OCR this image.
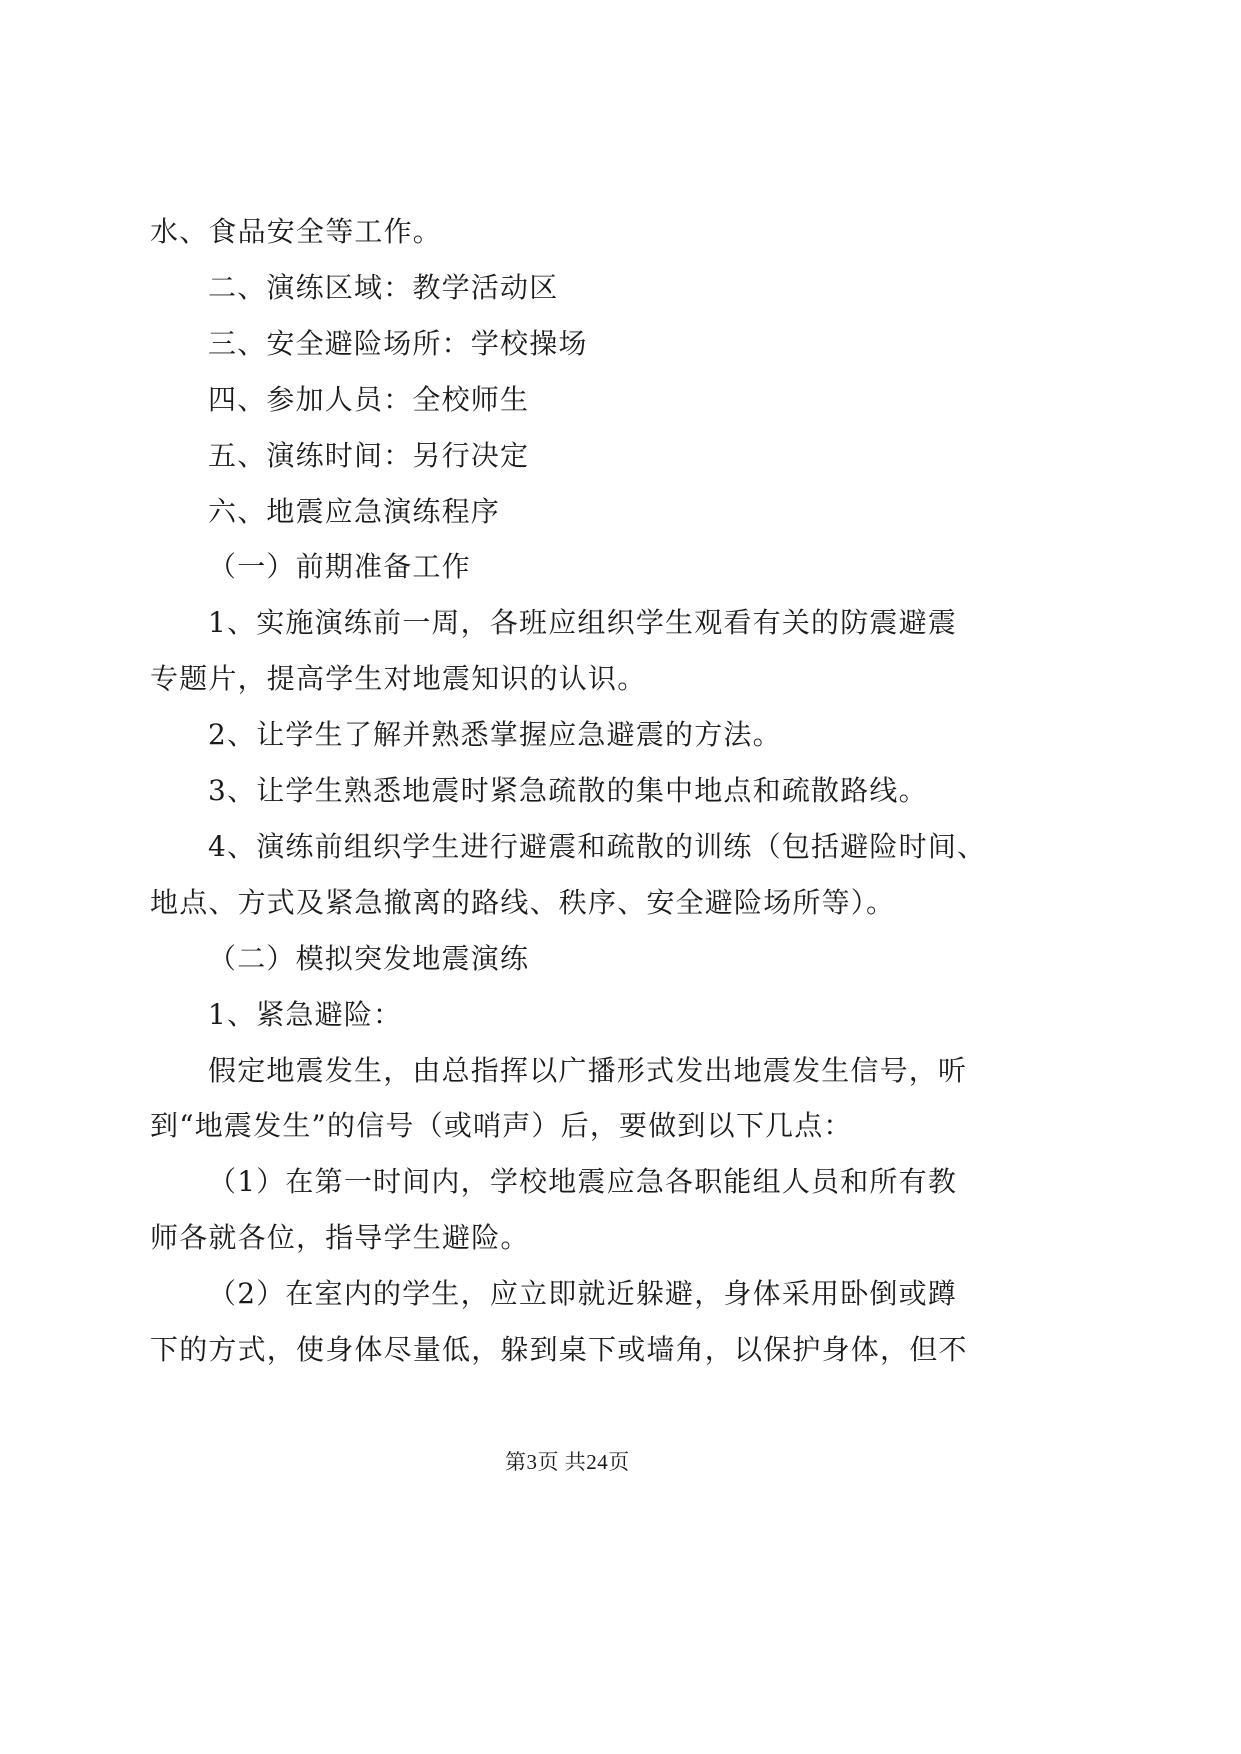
水、食品安全等工作。
二、演练区域：教学活动区
三、安全避险场所：学校操场
四、参加人员：全校师生
五、演练时间：另行决定
六、地震应急演练程序
（一）前期准备工作
1、实施演练前一周，各班应组织学生观看有关的防震避震
专题片，提高学生对地震知识的认识。
2、让学生了解并熟悉掌握应急避震的方法。
3、让学生熟悉地震时紧急疏散的集中地点和疏散路线。
4、演练前组织学生进行避震和疏散的训练（包括避险时间、
地点、方式及紧急撤离的路线、秩序、安全避险场所等）。
（二）模拟突发地震演练
1、紧急避险：
假定地震发生，由总指挥以广播形式发出地震发生信号，听
到“地震发生”的信号（或哨声）后，要做到以下几点：
（1）在第一时间内，学校地震应急各职能组人员和所有教
师各就各位，指导学生避险。
（2）在室内的学生，应立即就近躲避，身体采用卧倒或蹲
下的方式，使身体尽量低，躲到桌下或墙角，以保护身体，但不
第3页 共24页
